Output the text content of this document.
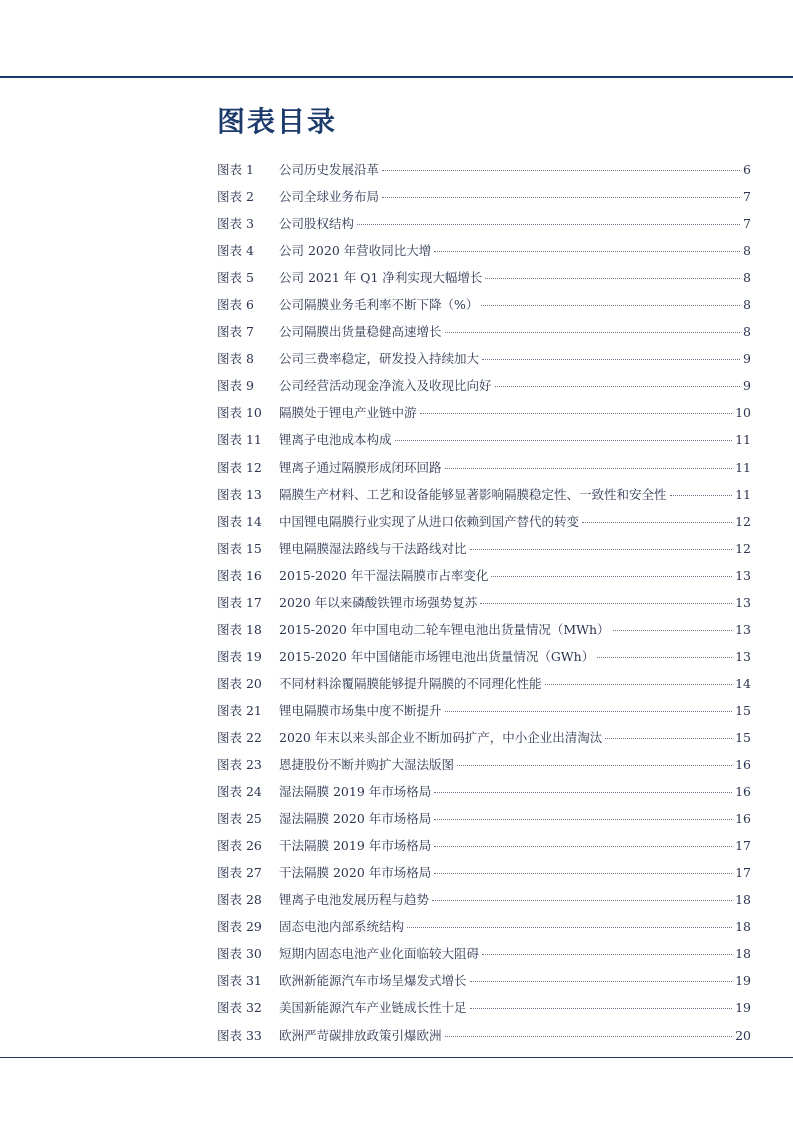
图表目录
图表 1	公司历史发展沿革	6
图表 2	公司全球业务布局	7
图表 3	公司股权结构	7
图表 4	公司 2020 年营收同比大增	8
图表 5	公司 2021 年 Q1 净利实现大幅增长	8
图表 6	公司隔膜业务毛利率不断下降（%）	8
图表 7	公司隔膜出货量稳健高速增长	8
图表 8	公司三费率稳定，研发投入持续加大	9
图表 9	公司经营活动现金净流入及收现比向好	9
图表 10	隔膜处于锂电产业链中游	10
图表 11	锂离子电池成本构成	11
图表 12	锂离子通过隔膜形成闭环回路	11
图表 13	隔膜生产材料、工艺和设备能够显著影响隔膜稳定性、一致性和安全性	11
图表 14	中国锂电隔膜行业实现了从进口依赖到国产替代的转变	12
图表 15	锂电隔膜湿法路线与干法路线对比	12
图表 16	2015-2020 年干湿法隔膜市占率变化	13
图表 17	2020 年以来磷酸铁锂市场强势复苏	13
图表 18	2015-2020 年中国电动二轮车锂电池出货量情况（MWh）	13
图表 19	2015-2020 年中国储能市场锂电池出货量情况（GWh）	13
图表 20	不同材料涂覆隔膜能够提升隔膜的不同理化性能	14
图表 21	锂电隔膜市场集中度不断提升	15
图表 22	2020 年末以来头部企业不断加码扩产，中小企业出清淘汰	15
图表 23	恩捷股份不断并购扩大湿法版图	16
图表 24	湿法隔膜 2019 年市场格局	16
图表 25	湿法隔膜 2020 年市场格局	16
图表 26	干法隔膜 2019 年市场格局	17
图表 27	干法隔膜 2020 年市场格局	17
图表 28	锂离子电池发展历程与趋势	18
图表 29	固态电池内部系统结构	18
图表 30	短期内固态电池产业化面临较大阻碍	18
图表 31	欧洲新能源汽车市场呈爆发式增长	19
图表 32	美国新能源汽车产业链成长性十足	19
图表 33	欧洲严苛碳排放政策引爆欧洲	20
